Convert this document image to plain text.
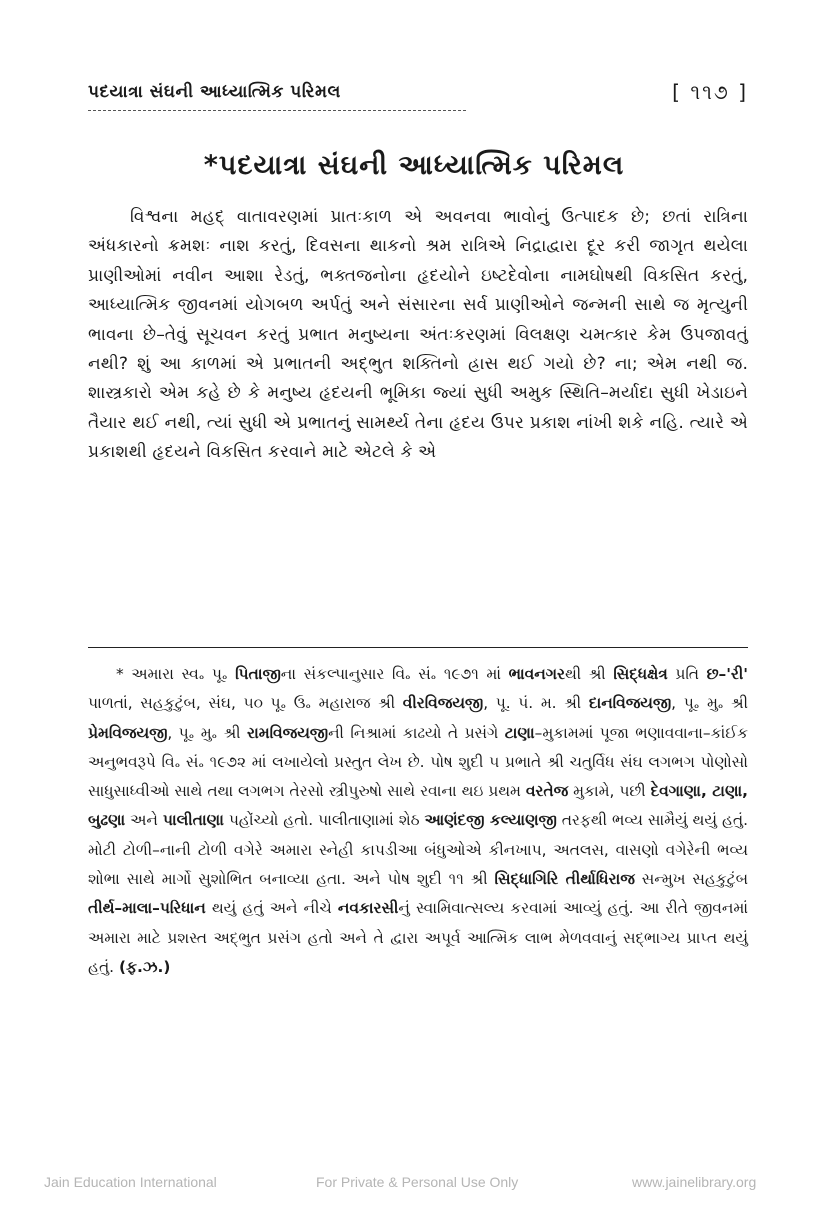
પદયાત્રા સંઘની આધ્યાત્મિક પરિમલ	[ ૧૧૭ ]
*પદયાત્રા સંઘની આધ્યાત્મિક પરિમલ

વિશ્વના મહદ્ વાતાવરણમાં પ્રાતઃકાળ એ અવનવા ભાવોનું ઉત્પાદક છે; છતાં રાત્રિના અંધકારનો ક્રમશઃ નાશ કરતું, દિવસના થાકનો શ્રમ રાત્રિએ નિદ્રાદ્વારા દૂર કરી જાગૃત થયેલા પ્રાણીઓમાં નવીન આશા રેડતું, ભક્તજનોના હૃદયોને ઇષ્ટદેવોના નામઘોષથી વિકસિત કરતું, આધ્યાત્મિક જીવનમાં યોગબળ અર્પતું અને સંસારના સર્વ પ્રાણીઓને જન્મની સાથે જ મૃત્યુની ભાવના છે–તેવું સૂચવન કરતું પ્રભાત મનુષ્યના અંતઃકરણમાં વિલક્ષણ ચમત્કાર કેમ ઉપજાવતું નથી? શું આ કાળમાં એ પ્રભાતની અદ્ભુત શક્તિનો હ્રાસ થઈ ગયો છે? ના; એમ નથી જ. શાસ્ત્રકારો એમ કહે છે કે મનુષ્ય હૃદયની ભૂમિકા જ્યાં સુધી અમુક સ્થિતિ–મર્યાદા સુધી ખેડાઇને તૈયાર થઈ નથી, ત્યાં સુધી એ પ્રભાતનું સામર્થ્ય તેના હૃદય ઉપર પ્રકાશ નાંખી શકે નહિ. ત્યારે એ પ્રકાશથી હૃદયને વિકસિત કરવાને માટે એટલે કે એ

* અમારા સ્વ૰ પૂ૰ પિતાજીના સંકલ્પાનુસાર વિ૰ સં૰ ૧૯૭૧ માં ભાવનગરથી શ્રી સિદ્ધક્ષેત્ર પ્રતિ છ–'રી' પાળતાં, સહકુટુંબ, સંઘ, ૫૦ પૂ૰ ઉ૰ મહારાજ શ્રી વીરવિજયજી, પૂ. પં. મ. શ્રી દાનવિજયજી, પૂ૰ મુ૰ શ્રી પ્રેમવિજયજી, પૂ૰ મુ૰ શ્રી રામવિજયજીની નિશ્રામાં કાઢયો તે પ્રસંગે ટાણા–મુકામમાં પૂજા ભણાવવાના–કાંઈક અનુભવરૂપે વિ૰ સં૰ ૧૯૭૨ માં લખાયેલો પ્રસ્તુત લેખ છે. પોષ શુદી ૫ પ્રભાતે શ્રી ચતુર્વિધ સંઘ લગભગ પોણોસો સાધુસાધ્વીઓ સાથે તથા લગભગ તેરસો સ્ત્રીપુરુષો સાથે રવાના થઇ પ્રથમ વરતેજ મુકામે, પછી દેવગાણા, ટાણા, બુઢણા અને પાલીતાણા પહોંચ્યો હતો. પાલીતાણામાં શેઠ આણંદજી કલ્યાણજી તરફથી ભવ્ય સામૈયું થયું હતું. મોટી ટોળી–નાની ટોળી વગેરે અમારા સ્નેહી કાપડીઆ બંધુઓએ કીનખાપ, અતલસ, વાસણો વગેરેની ભવ્ય શોભા સાથે માર્ગો સુશોભિત બનાવ્યા હતા. અને પોષ શુદી ૧૧ શ્રી સિદ્ધાગિરિ તીર્થાધિરાજ સન્મુખ સહકુટુંબ તીર્થ–માલા–પરિધાન થયું હતું અને નીચે નવકારસીનું સ્વામિવાત્સલ્ય કરવામાં આવ્યું હતું. આ રીતે જીવનમાં અમારા માટે પ્રશસ્ત અદ્ભુત પ્રસંગ હતો અને તે દ્વારા અપૂર્વ આત્મિક લાભ મેળવવાનું સદ્ભાગ્ય પ્રાપ્ત થયું હતું. (ફ.ઝ.)

Jain Education International	For Private & Personal Use Only	www.jainelibrary.org
